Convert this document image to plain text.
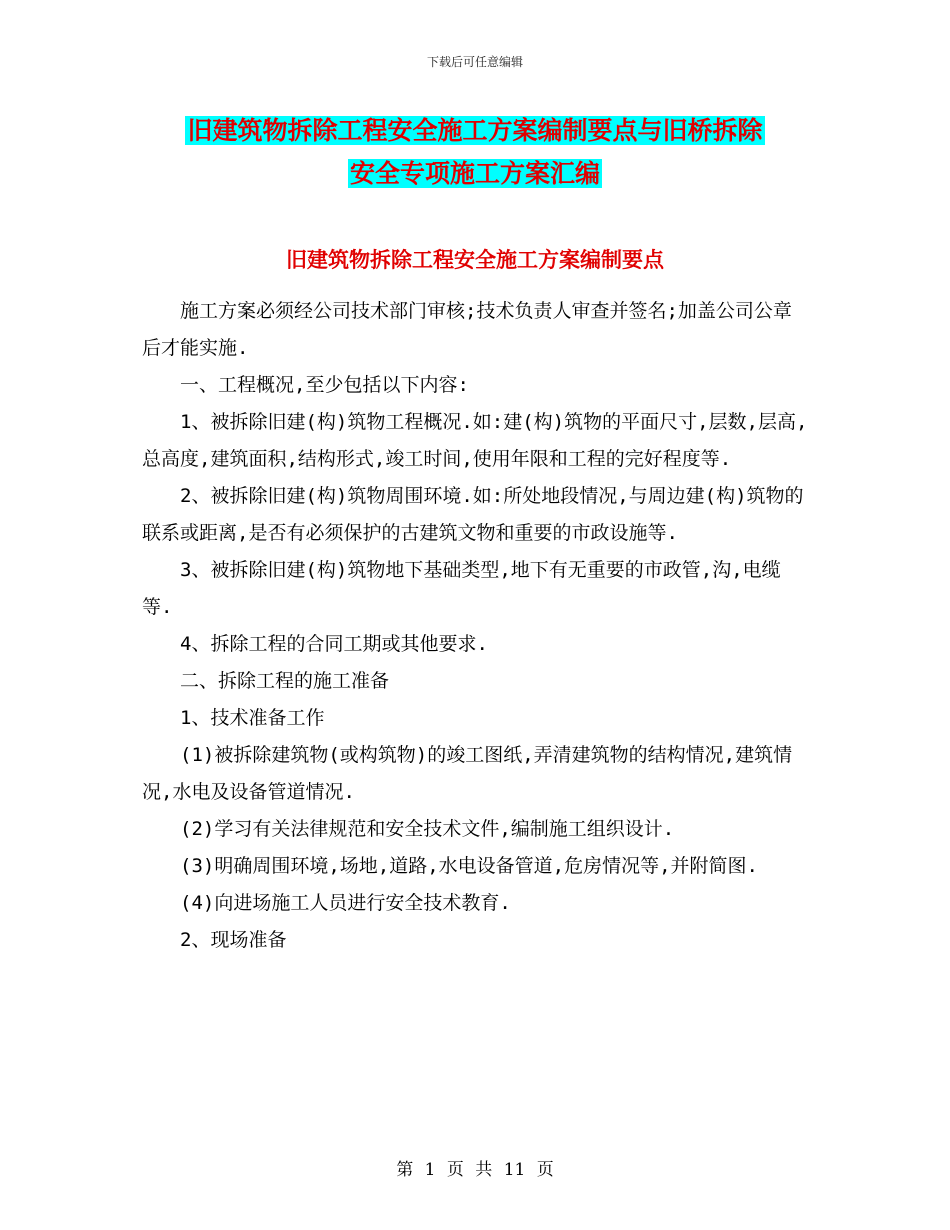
下载后可任意编辑
旧建筑物拆除工程安全施工方案编制要点与旧桥拆除
安全专项施工方案汇编
旧建筑物拆除工程安全施工方案编制要点

施工方案必须经公司技术部门审核;技术负责人审查并签名;加盖公司公章后才能实施.

一、工程概况,至少包括以下内容:

1、被拆除旧建(构)筑物工程概况.如:建(构)筑物的平面尺寸,层数,层高,总高度,建筑面积,结构形式,竣工时间,使用年限和工程的完好程度等.

2、被拆除旧建(构)筑物周围环境.如:所处地段情况,与周边建(构)筑物的联系或距离,是否有必须保护的古建筑文物和重要的市政设施等.

3、被拆除旧建(构)筑物地下基础类型,地下有无重要的市政管,沟,电缆等.

4、拆除工程的合同工期或其他要求.

二、拆除工程的施工准备

1、技术准备工作

(1)被拆除建筑物(或构筑物)的竣工图纸,弄清建筑物的结构情况,建筑情况,水电及设备管道情况.

(2)学习有关法律规范和安全技术文件,编制施工组织设计.

(3)明确周围环境,场地,道路,水电设备管道,危房情况等,并附简图.

(4)向进场施工人员进行安全技术教育.

2、现场准备

第 1 页 共 11 页
